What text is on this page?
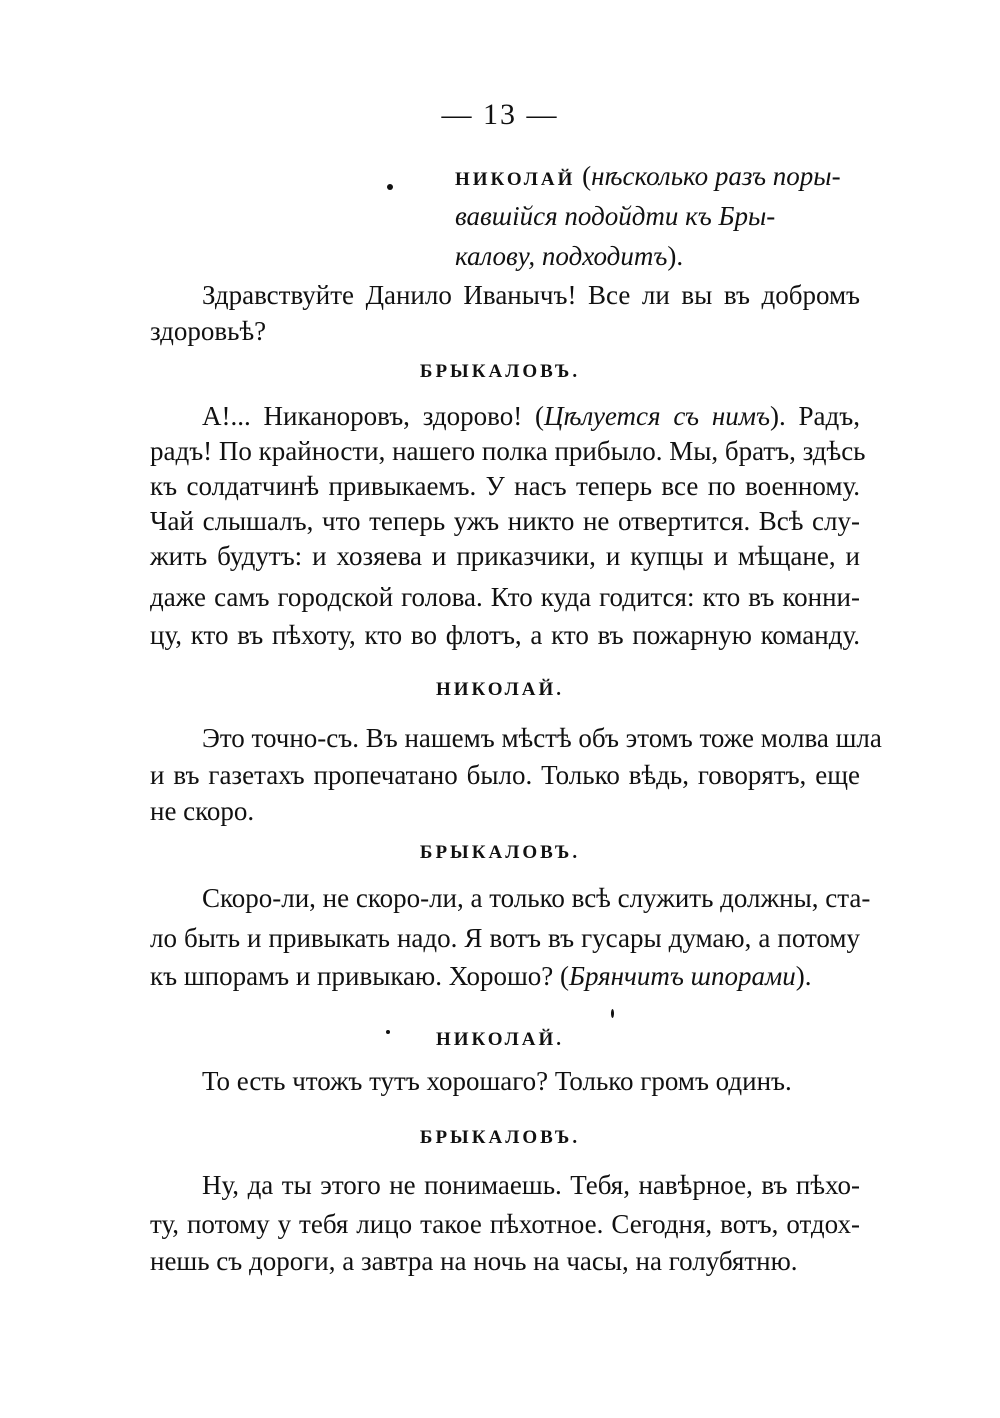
— 13 —
НИКОЛАЙ (нѣсколько разъ поры-
вавшійся подойдти къ Бры-
калову, подходитъ).
Здравствуйте Данило Иванычъ! Все ли вы въ добромъ
здоровьѣ?
БРЫКАЛОВЪ.
А!... Никаноровъ, здорово! (Цѣлуется съ нимъ). Радъ,
радъ! По крайности, нашего полка прибыло. Мы, братъ, здѣсь
къ солдатчинѣ привыкаемъ. У насъ теперь все по военному.
Чай слышалъ, что теперь ужъ никто не отвертится. Всѣ слу-
жить будутъ: и хозяева и приказчики, и купцы и мѣщане, и
даже самъ городской голова. Кто куда годится: кто въ конни-
цу, кто въ пѣхоту, кто во флотъ, а кто въ пожарную команду.
НИКОЛАЙ.
Это точно-съ. Въ нашемъ мѣстѣ объ этомъ тоже молва шла
и въ газетахъ пропечатано было. Только вѣдь, говорятъ, еще
не скоро.
БРЫКАЛОВЪ.
Скоро-ли, не скоро-ли, а только всѣ служить должны, ста-
ло быть и привыкать надо. Я вотъ въ гусары думаю, а потому
къ шпорамъ и привыкаю. Хорошо? (Брянчитъ шпорами).
НИКОЛАЙ.
То есть чтожъ тутъ хорошаго? Только громъ одинъ.
БРЫКАЛОВЪ.
Ну, да ты этого не понимаешь. Тебя, навѣрное, въ пѣхо-
ту, потому у тебя лицо такое пѣхотное. Сегодня, вотъ, отдох-
нешь съ дороги, а завтра на ночь на часы, на голубятню.
